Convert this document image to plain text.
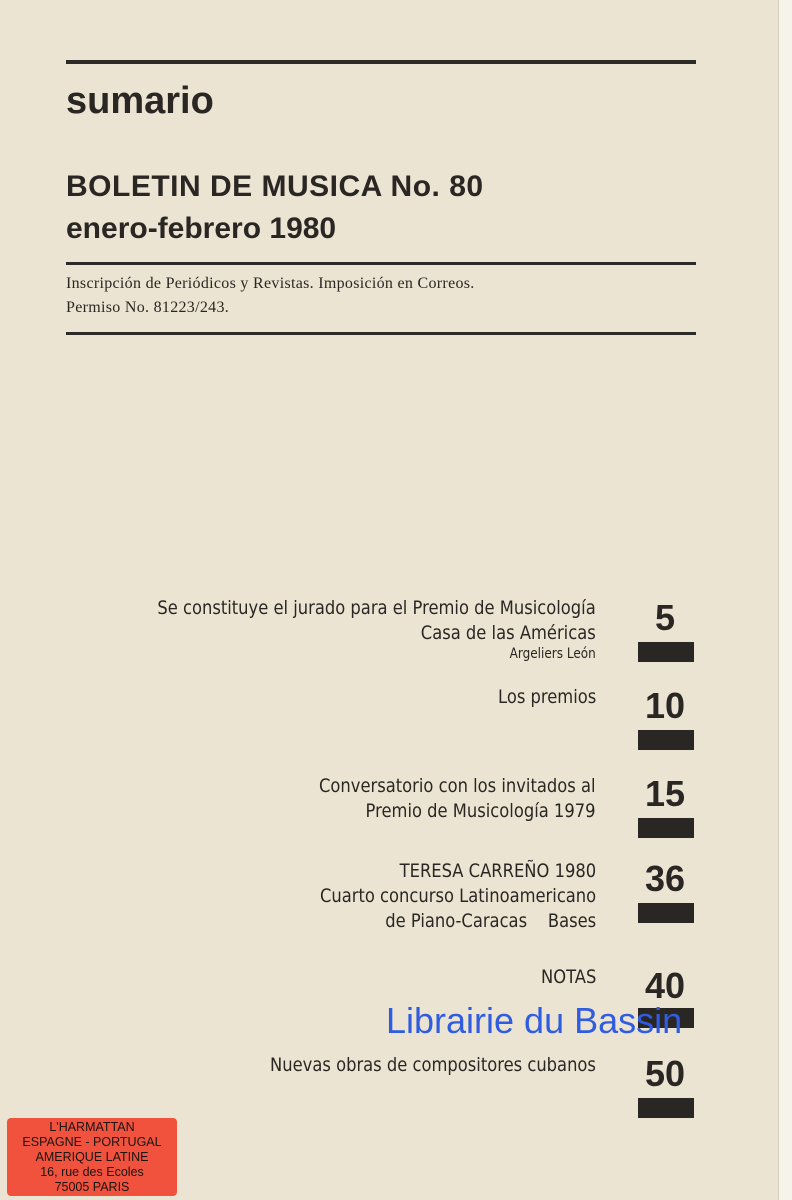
sumario
BOLETIN DE MUSICA No. 80
enero-febrero 1980
Inscripción de Periódicos y Revistas. Imposición en Correos.
Permiso No. 81223/243.
Se constituye el jurado para el Premio de Musicología
Casa de las Américas
Argeliers León
5
Los premios	10
Conversatorio con los invitados al
Premio de Musicología 1979	15
TERESA CARREÑO 1980
Cuarto concurso Latinoamericano
de Piano-Caracas    Bases
36
NOTAS	40
Nuevas obras de compositores cubanos	50
Librairie du Bassin
L'HARMATTAN
ESPAGNE - PORTUGAL
AMERIQUE LATINE
16, rue des Ecoles
75005 PARIS
